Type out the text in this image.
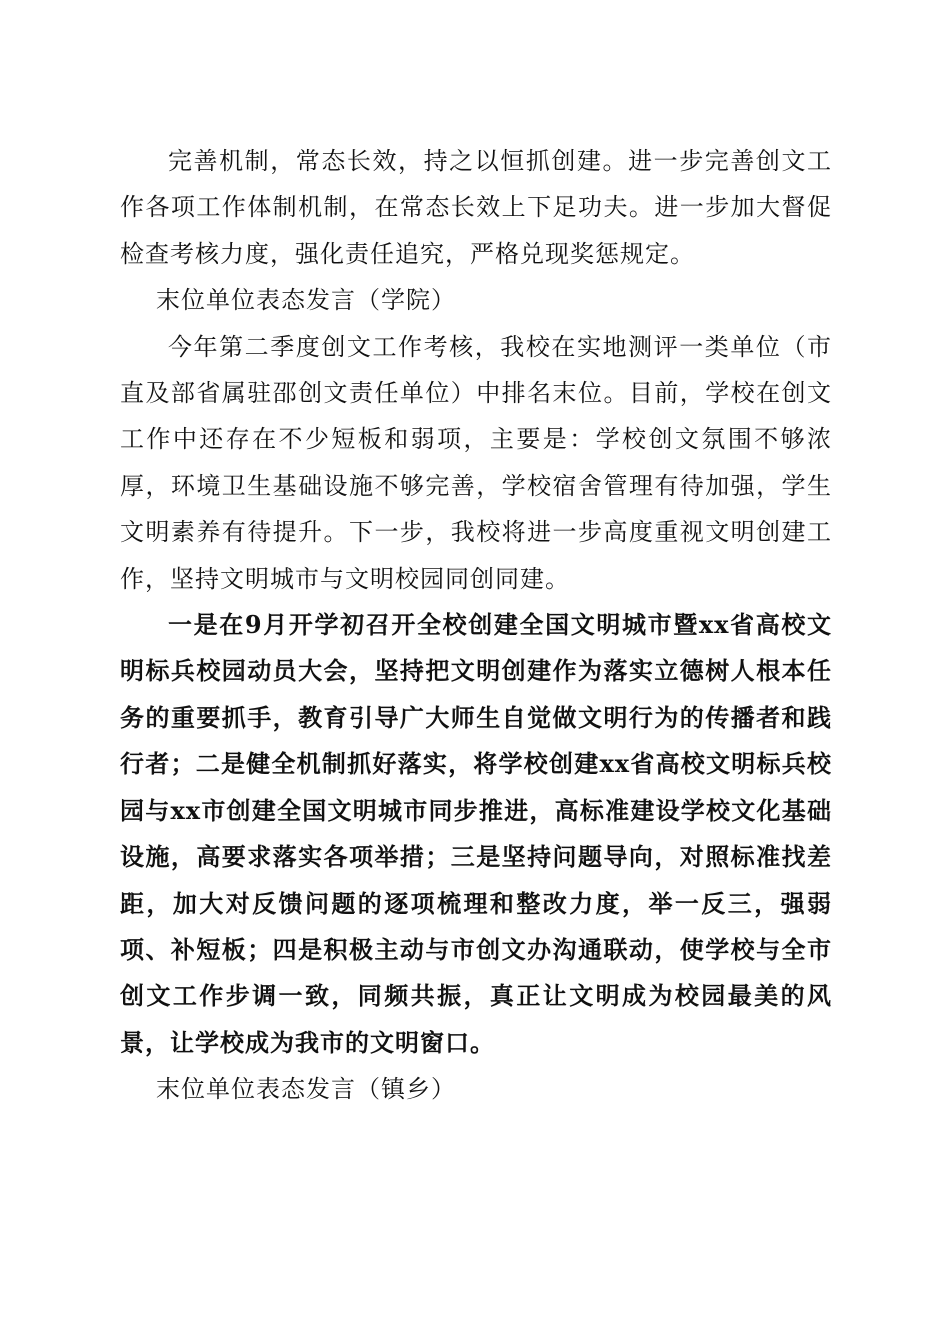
完善机制，常态长效，持之以恒抓创建。进一步完善创文工作各项工作体制机制，在常态长效上下足功夫。进一步加大督促检查考核力度，强化责任追究，严格兑现奖惩规定。

末位单位表态发言（学院）

今年第二季度创文工作考核，我校在实地测评一类单位（市直及部省属驻邵创文责任单位）中排名末位。目前，学校在创文工作中还存在不少短板和弱项，主要是：学校创文氛围不够浓厚，环境卫生基础设施不够完善，学校宿舍管理有待加强，学生文明素养有待提升。下一步，我校将进一步高度重视文明创建工作，坚持文明城市与文明校园同创同建。

一是在9月开学初召开全校创建全国文明城市暨xx省高校文明标兵校园动员大会，坚持把文明创建作为落实立德树人根本任务的重要抓手，教育引导广大师生自觉做文明行为的传播者和践行者；二是健全机制抓好落实，将学校创建xx省高校文明标兵校园与xx市创建全国文明城市同步推进，高标准建设学校文化基础设施，高要求落实各项举措；三是坚持问题导向，对照标准找差距，加大对反馈问题的逐项梳理和整改力度，举一反三，强弱项、补短板；四是积极主动与市创文办沟通联动，使学校与全市创文工作步调一致，同频共振，真正让文明成为校园最美的风景，让学校成为我市的文明窗口。

末位单位表态发言（镇乡）
